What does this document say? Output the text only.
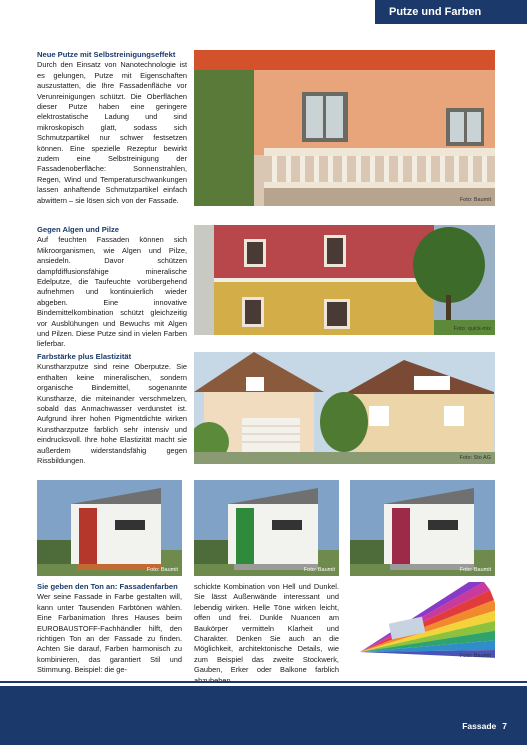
Putze und Farben
Neue Putze mit Selbstreinigungseffekt

Durch den Einsatz von Nanotechnologie ist es gelungen, Putze mit Eigenschaften auszustatten, die Ihre Fassadenfläche vor Verunreinigungen schützt. Die Oberflächen dieser Putze haben eine geringere elektrostatische Ladung und sind mikroskopisch glatt, sodass sich Schmutzpartikel nur schwer festsetzen können. Eine spezielle Rezeptur bewirkt zudem eine Selbstreinigung der Fassadenoberfläche: Sonnenstrahlen, Regen, Wind und Temperaturschwankungen lassen anhaftende Schmutzpartikel einfach abwittern – sie lösen sich von der Fassade.	Foto: Baumit
Gegen Algen und Pilze

Auf feuchten Fassaden können sich Mikroorganismen, wie Algen und Pilze, ansiedeln. Davor schützen dampfdiffusionsfähige mineralische Edelputze, die Taufeuchte vorübergehend aufnehmen und kontinuierlich wieder abgeben. Eine innovative Bindemittelkombination schützt gleichzeitig vor Ausblühungen und Bewuchs mit Algen und Pilzen. Diese Putze sind in vielen Farben lieferbar.

Foto: quick-mix
Farbstärke plus Elastizität

Kunstharzputze sind reine Oberputze. Sie enthalten keine mineralischen, sondern organische Bindemittel, sogenannte Kunstharze, die miteinander verschmelzen, sobald das Anmachwasser verdunstet ist. Aufgrund ihrer hohen Pigmentdichte wirken Kunstharzputze farblich sehr intensiv und eindrucksvoll. Ihre hohe Elastizität macht sie außerdem widerstandsfähig gegen Rissbildungen.	Foto: Sto AG
Foto: Baumit	Foto: Baumit	Foto: Baumit
Sie geben den Ton an: Fassadenfarben

Wer seine Fassade in Farbe gestalten will, kann unter Tausenden Farbtönen wählen. Eine Farbanimation Ihres Hauses beim EUROBAUSTOFF-Fachhändler hilft, den richtigen Ton an der Fassade zu finden. Achten Sie darauf, Farben harmonisch zu kombinieren, das garantiert Stil und Stimmung. Beispiel: die ge-

schickte Kombination von Hell und Dunkel. Sie lässt Außenwände interessant und lebendig wirken. Helle Töne wirken leicht, offen und frei. Dunkle Nuancen am Baukörper vermitteln Klarheit und Charakter. Denken Sie auch an die Möglichkeit, architektonische Details, wie zum Beispiel das zweite Stockwerk, Gauben, Erker oder Balkone farblich

Foto: Baumit
Fassade 7
